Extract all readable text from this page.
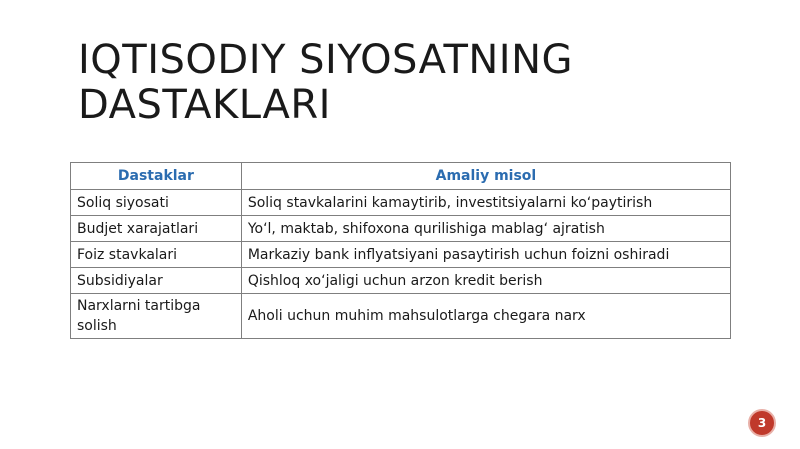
IQTISODIY SIYOSATNING
DASTAKLARI
Dastaklar	Amaliy misol
Soliq siyosati	Soliq stavkalarini kamaytirib, investitsiyalarni ko‘paytirish
Budjet xarajatlari	Yo‘l, maktab, shifoxona qurilishiga mablag‘ ajratish
Foiz stavkalari	Markaziy bank inflyatsiyani pasaytirish uchun foizni oshiradi
Subsidiyalar	Qishloq xo‘jaligi uchun arzon kredit berish
Narxlarni tartibga solish	Aholi uchun muhim mahsulotlarga chegara narx
3
